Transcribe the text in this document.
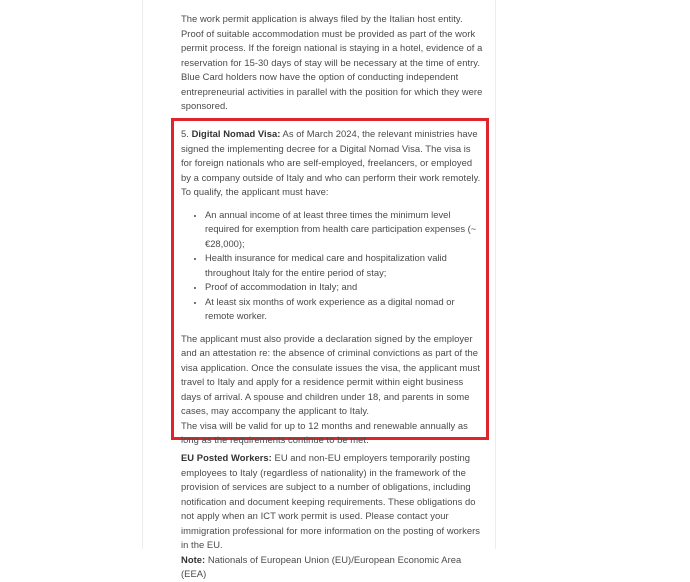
The work permit application is always filed by the Italian host entity. Proof of suitable accommodation must be provided as part of the work permit process. If the foreign national is staying in a hotel, evidence of a reservation for 15-30 days of stay will be necessary at the time of entry. Blue Card holders now have the option of conducting independent entrepreneurial activities in parallel with the position for which they were sponsored.

5. Digital Nomad Visa: As of March 2024, the relevant ministries have signed the implementing decree for a Digital Nomad Visa. The visa is for foreign nationals who are self-employed, freelancers, or employed by a company outside of Italy and who can perform their work remotely. To qualify, the applicant must have:

• An annual income of at least three times the minimum level required for exemption from health care participation expenses (~ €28,000);
• Health insurance for medical care and hospitalization valid throughout Italy for the entire period of stay;
• Proof of accommodation in Italy; and
• At least six months of work experience as a digital nomad or remote worker.

The applicant must also provide a declaration signed by the employer and an attestation re: the absence of criminal convictions as part of the visa application. Once the consulate issues the visa, the applicant must travel to Italy and apply for a residence permit within eight business days of arrival. A spouse and children under 18, and parents in some cases, may accompany the applicant to Italy.

The visa will be valid for up to 12 months and renewable annually as long as the requirements continue to be met.

EU Posted Workers: EU and non-EU employers temporarily posting employees to Italy (regardless of nationality) in the framework of the provision of services are subject to a number of obligations, including notification and document keeping requirements. These obligations do not apply when an ICT work permit is used. Please contact your immigration professional for more information on the posting of workers in the EU.

Note: Nationals of European Union (EU)/European Economic Area (EEA)
